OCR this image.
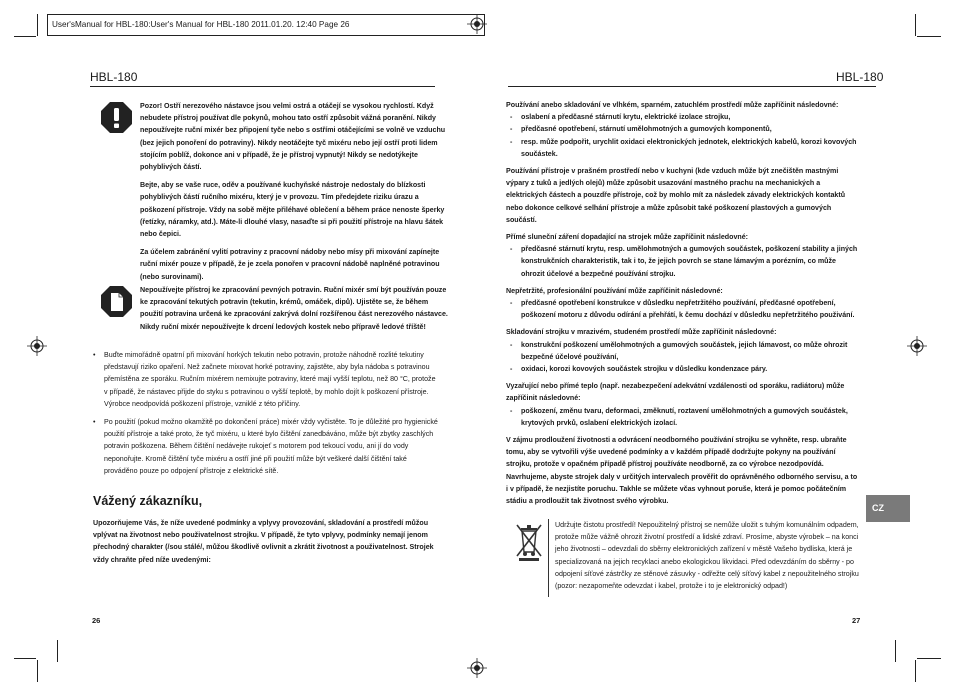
User'sManual for HBL-180:User's Manual for HBL-180 2011.01.20. 12:40 Page 26
HBL-180	HBL-180

Pozor! Ostří nerezového nástavce jsou velmi ostrá a otáčejí se vysokou rychlostí. Když nebudete přístroj používat dle pokynů, mohou tato ostří způsobit vážná poranění. Nikdy nepoužívejte ruční mixér bez připojení tyče nebo s ostřími otáčejícími se volně ve vzduchu (bez jejich ponoření do potraviny). Nikdy neotáčejte tyč mixéru nebo její ostří proti lidem stojícím poblíž, dokonce ani v případě, že je přístroj vypnutý! Nikdy se nedotýkejte pohyblivých částí.

Bejte, aby se vaše ruce, oděv a používané kuchyňské nástroje nedostaly do blízkosti pohyblivých částí ručního mixéru, který je v provozu. Tím předejdete riziku úrazu a poškození přístroje. Vždy na sobě mějte přiléhavé oblečení a během práce nenoste šperky (řetízky, náramky, atd.). Máte-li dlouhé vlasy, nasaďte si při použití přístroje na hlavu šátek nebo čepici.

Za účelem zabránění vylití potraviny z pracovní nádoby nebo mísy při mixování zapínejte ruční mixér pouze v případě, že je zcela ponořen v pracovní nádobě naplněné potravinou (nebo surovinami).

Nepoužívejte přístroj ke zpracování pevných potravin. Ruční mixér smí být používán pouze ke zpracování tekutých potravin (tekutin, krémů, omáček, dipů). Ujistěte se, že během použití potravina určená ke zpracování zakrývá dolní rozšířenou část nerezového nástavce. Nikdy ruční mixér nepoužívejte k drcení ledových kostek nebo přípravě ledové tříště!

• Buďte mimořádně opatrní při mixování horkých tekutin nebo potravin, protože náhodně rozlité tekutiny představují riziko opaření. Než začnete mixovat horké potraviny, zajistěte, aby byla nádoba s potravinou přemístěna ze sporáku. Ručním mixérem nemixujte potraviny, které mají vyšší teplotu, než 80 °C, protože v případě, že nástavec přijde do styku s potravinou o vyšší teplotě, by mohlo dojít k poškození přístroje. Výrobce neodpovídá poškození přístroje, vzniklé z této příčiny.
• Po použití (pokud možno okamžitě po dokončení práce) mixér vždy vyčistěte. To je důležité pro hygienické použití přístroje a také proto, že tyč mixéru, u které bylo čištění zanedbáváno, může být zbytky zaschlých potravin poškozena. Během čištění nedávejte rukojeť s motorem pod tekoucí vodu, ani jí do vody neponořujte. Kromě čištění tyče mixéru a ostří jiné při použití může být veškeré další čištění také prováděno pouze po odpojení přístroje z elektrické sítě.
Vážený zákazníku,
Upozorňujeme Vás, že níže uvedené podmínky a vplyvy provozování, skladování a prostředí můžou vplývat na životnost nebo použivatelnost strojku. V případě, že tyto vplyvy, podmínky nemají jenom přechodný charakter (/sou stálé/, můžou škodlivě ovlivnit a zkrátit životnost a použivatelnost. Strojek vždy chraňte před níže uvedenými:
26

Používání anebo skladování ve vlhkém, sparném, zatuchlém prostředí může zapříčinit následovné:

- oslabení a předčasné stárnutí krytu, elektrické izolace strojku,
- předčasné opotřebení, stárnutí umělohmotných a gumových komponentů,
- resp. může podpořit, urychlit oxidaci elektronických jednotek, elektrických kabelů, korozi kovových součástek.

Používání přístroje v prašném prostředí nebo v kuchyni (kde vzduch může být znečištěn mastnými výpary z tuků a jedlých olejů) může způsobit usazování mastného prachu na mechanických a elektrických částech a pouzdře přístroje, což by mohlo mít za následek závady elektrických kontaktů nebo dokonce celkové selhání přístroje a může způsobit také poškození plastových a gumových součástí.

Přímé sluneční záření dopadající na strojek může zapříčinit následovné:

- předčasné stárnutí krytu, resp. umělohmotných a gumových součástek, poškození stability a jiných konstrukčních charakteristik, tak i to, že jejich povrch se stane lámavým a porézním, co může ohrozit účelové a bezpečné používání strojku.

Nepřetržité, profesionální používání může zapříčinit následovné:

- předčasné opotřebení konstrukce v důsledku nepřetržitého používání, předčasné opotřebení, poškození motoru z důvodu odírání a přehřátí, k čemu dochází v důsledku nepřetržitého použivání.

Skladování strojku v mrazivém, studeném prostředí může zapříčinit následovné:

- konstrukční poškození umělohmotných a gumových součástek, jejich lámavost, co může ohrozit bezpečné účelové používání,
- oxidaci, korozi kovových součástek strojku v důsledku kondenzace páry.

Vyzařující nebo přímé teplo (např. nezabezpečení adekvátní vzdálenosti od sporáku, radiátoru) může zapříčinit následovné:

- poškození, změnu tvaru, deformaci, změknutí, roztavení umělohmotných a gumových součástek, krytových prvků, oslabení elektrických izolací.

V zájmu prodloužení životnosti a odvrácení neodborného používání strojku se vyhněte, resp. ubraňte tomu, aby se vytvořili výše uvedené podmínky a v každém případě dodržujte pokyny na používání strojku, protože v opačném případě přístroj používáte neodborně, za co výrobce nezodpovídá. Navrhujeme, abyste strojek daly v určitých intervalech prověřit do oprávněného odborného servisu, a to i v případě, že nezjistíte poruchu. Takhle se můžete včas vyhnout poruše, která je pomoc počátečním stádiu a prodloužit tak životnost svého výrobku.

CZ
Udržujte čistotu prostředí! Nepoužitelný přístroj se nemůže uložit s tuhým komunálním odpadem, protože může vážně ohrozit životní prostředí a lidské zdraví. Prosíme, abyste výrobek – na konci jeho životnosti – odevzdali do sběrny elektronických zařízení v městě Vašeho bydliska, která je specializovaná na jejich recyklaci anebo ekologickou likvidaci. Před odevzdáním do sběrny - po odpojení síťové zástrčky ze stěnové zásuvky - odřežte celý síťový kabel z nepoužitelného strojku (pozor: nezapomeňte odevzdat i kabel, protože i to je elektronický odpad!)
27
